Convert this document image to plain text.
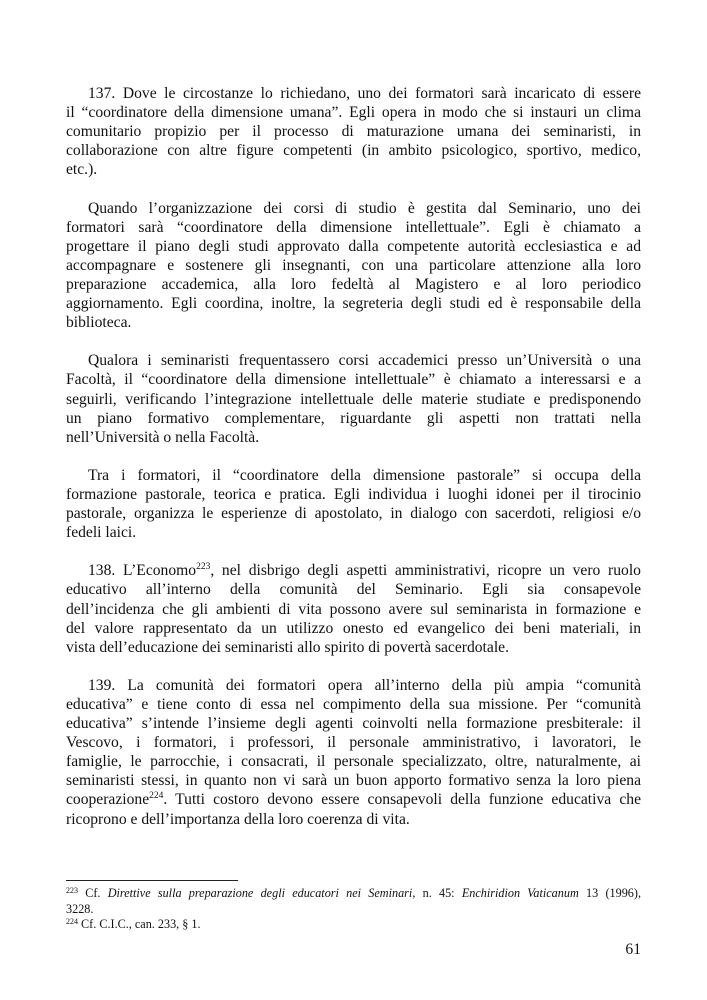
137. Dove le circostanze lo richiedano, uno dei formatori sarà incaricato di essere
il “coordinatore della dimensione umana”. Egli opera in modo che si instauri un clima
comunitario propizio per il processo di maturazione umana dei seminaristi, in
collaborazione con altre figure competenti (in ambito psicologico, sportivo, medico,
etc.).

Quando l’organizzazione dei corsi di studio è gestita dal Seminario, uno dei
formatori sarà “coordinatore della dimensione intellettuale”. Egli è chiamato a
progettare il piano degli studi approvato dalla competente autorità ecclesiastica e ad
accompagnare e sostenere gli insegnanti, con una particolare attenzione alla loro
preparazione accademica, alla loro fedeltà al Magistero e al loro periodico
aggiornamento. Egli coordina, inoltre, la segreteria degli studi ed è responsabile della
biblioteca.

Qualora i seminaristi frequentassero corsi accademici presso un’Università o una
Facoltà, il “coordinatore della dimensione intellettuale” è chiamato a interessarsi e a
seguirli, verificando l’integrazione intellettuale delle materie studiate e predisponendo
un piano formativo complementare, riguardante gli aspetti non trattati nella
nell’Università o nella Facoltà.

Tra i formatori, il “coordinatore della dimensione pastorale” si occupa della
formazione pastorale, teorica e pratica. Egli individua i luoghi idonei per il tirocinio
pastorale, organizza le esperienze di apostolato, in dialogo con sacerdoti, religiosi e/o
fedeli laici.

138. L’Economo$^{223}$, nel disbrigo degli aspetti amministrativi, ricopre un vero ruolo
educativo all’interno della comunità del Seminario. Egli sia consapevole
dell’incidenza che gli ambienti di vita possono avere sul seminarista in formazione e
del valore rappresentato da un utilizzo onesto ed evangelico dei beni materiali, in
vista dell’educazione dei seminaristi allo spirito di povertà sacerdotale.

139. La comunità dei formatori opera all’interno della più ampia “comunità
educativa” e tiene conto di essa nel compimento della sua missione. Per “comunità
educativa” s’intende l’insieme degli agenti coinvolti nella formazione presbiterale: il
Vescovo, i formatori, i professori, il personale amministrativo, i lavoratori, le
famiglie, le parrocchie, i consacrati, il personale specializzato, oltre, naturalmente, ai
seminaristi stessi, in quanto non vi sarà un buon apporto formativo senza la loro piena
cooperazione$^{224}$. Tutti costoro devono essere consapevoli della funzione educativa che
ricoprono e dell’importanza della loro coerenza di vita.

$^{223}$ Cf. Direttive sulla preparazione degli educatori nei Seminari, n. 45: Enchiridion Vaticanum 13 (1996),
3228.
$^{224}$ Cf. C.I.C., can. 233, § 1.
61
